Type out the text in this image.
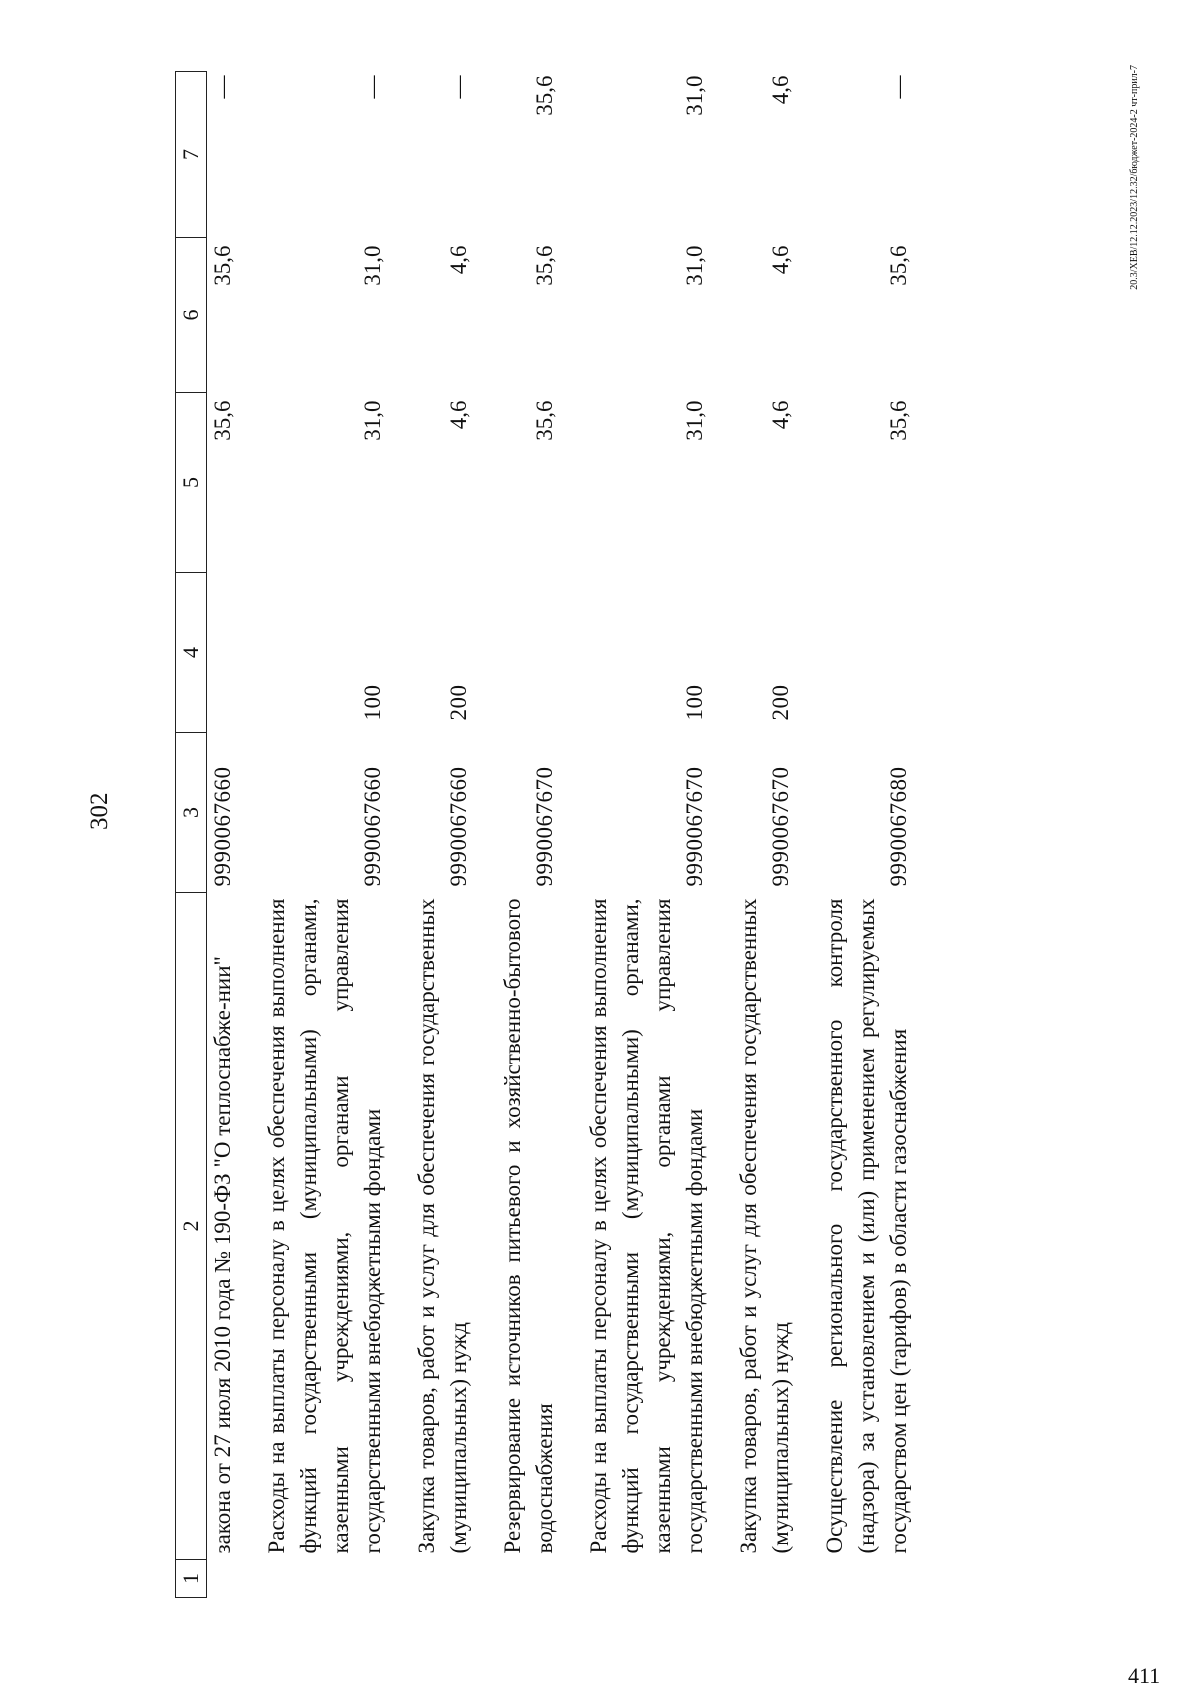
302
411
20.3/XEB/12.12.2023/12.32/бюджет-2024-2 чт-прил-7
1	2	3	4	5	6	7
	закона от 27 июля 2010 года № 190-ФЗ "О теплоснабже-нии"	9990067660		35,6	35,6	—
	Расходы на выплаты персоналу в целях обеспечения выполнения функций государственными (муниципальными) органами, казенными учреждениями, органами управления государственными внебюджетными фондами	9990067660	100	31,0	31,0	—
	Закупка товаров, работ и услуг для обеспечения государственных (муниципальных) нужд	9990067660	200	4,6	4,6	—
	Резервирование источников питьевого и хозяйственно-бытового водоснабжения	9990067670		35,6	35,6	35,6
	Расходы на выплаты персоналу в целях обеспечения выполнения функций государственными (муниципальными) органами, казенными учреждениями, органами управления государственными внебюджетными фондами	9990067670	100	31,0	31,0	31,0
	Закупка товаров, работ и услуг для обеспечения государственных (муниципальных) нужд	9990067670	200	4,6	4,6	4,6
	Осуществление регионального государственного контроля (надзора) за установлением и (или) применением регулируемых государством цен (тарифов) в области газоснабжения	9990067680		35,6	35,6	—
